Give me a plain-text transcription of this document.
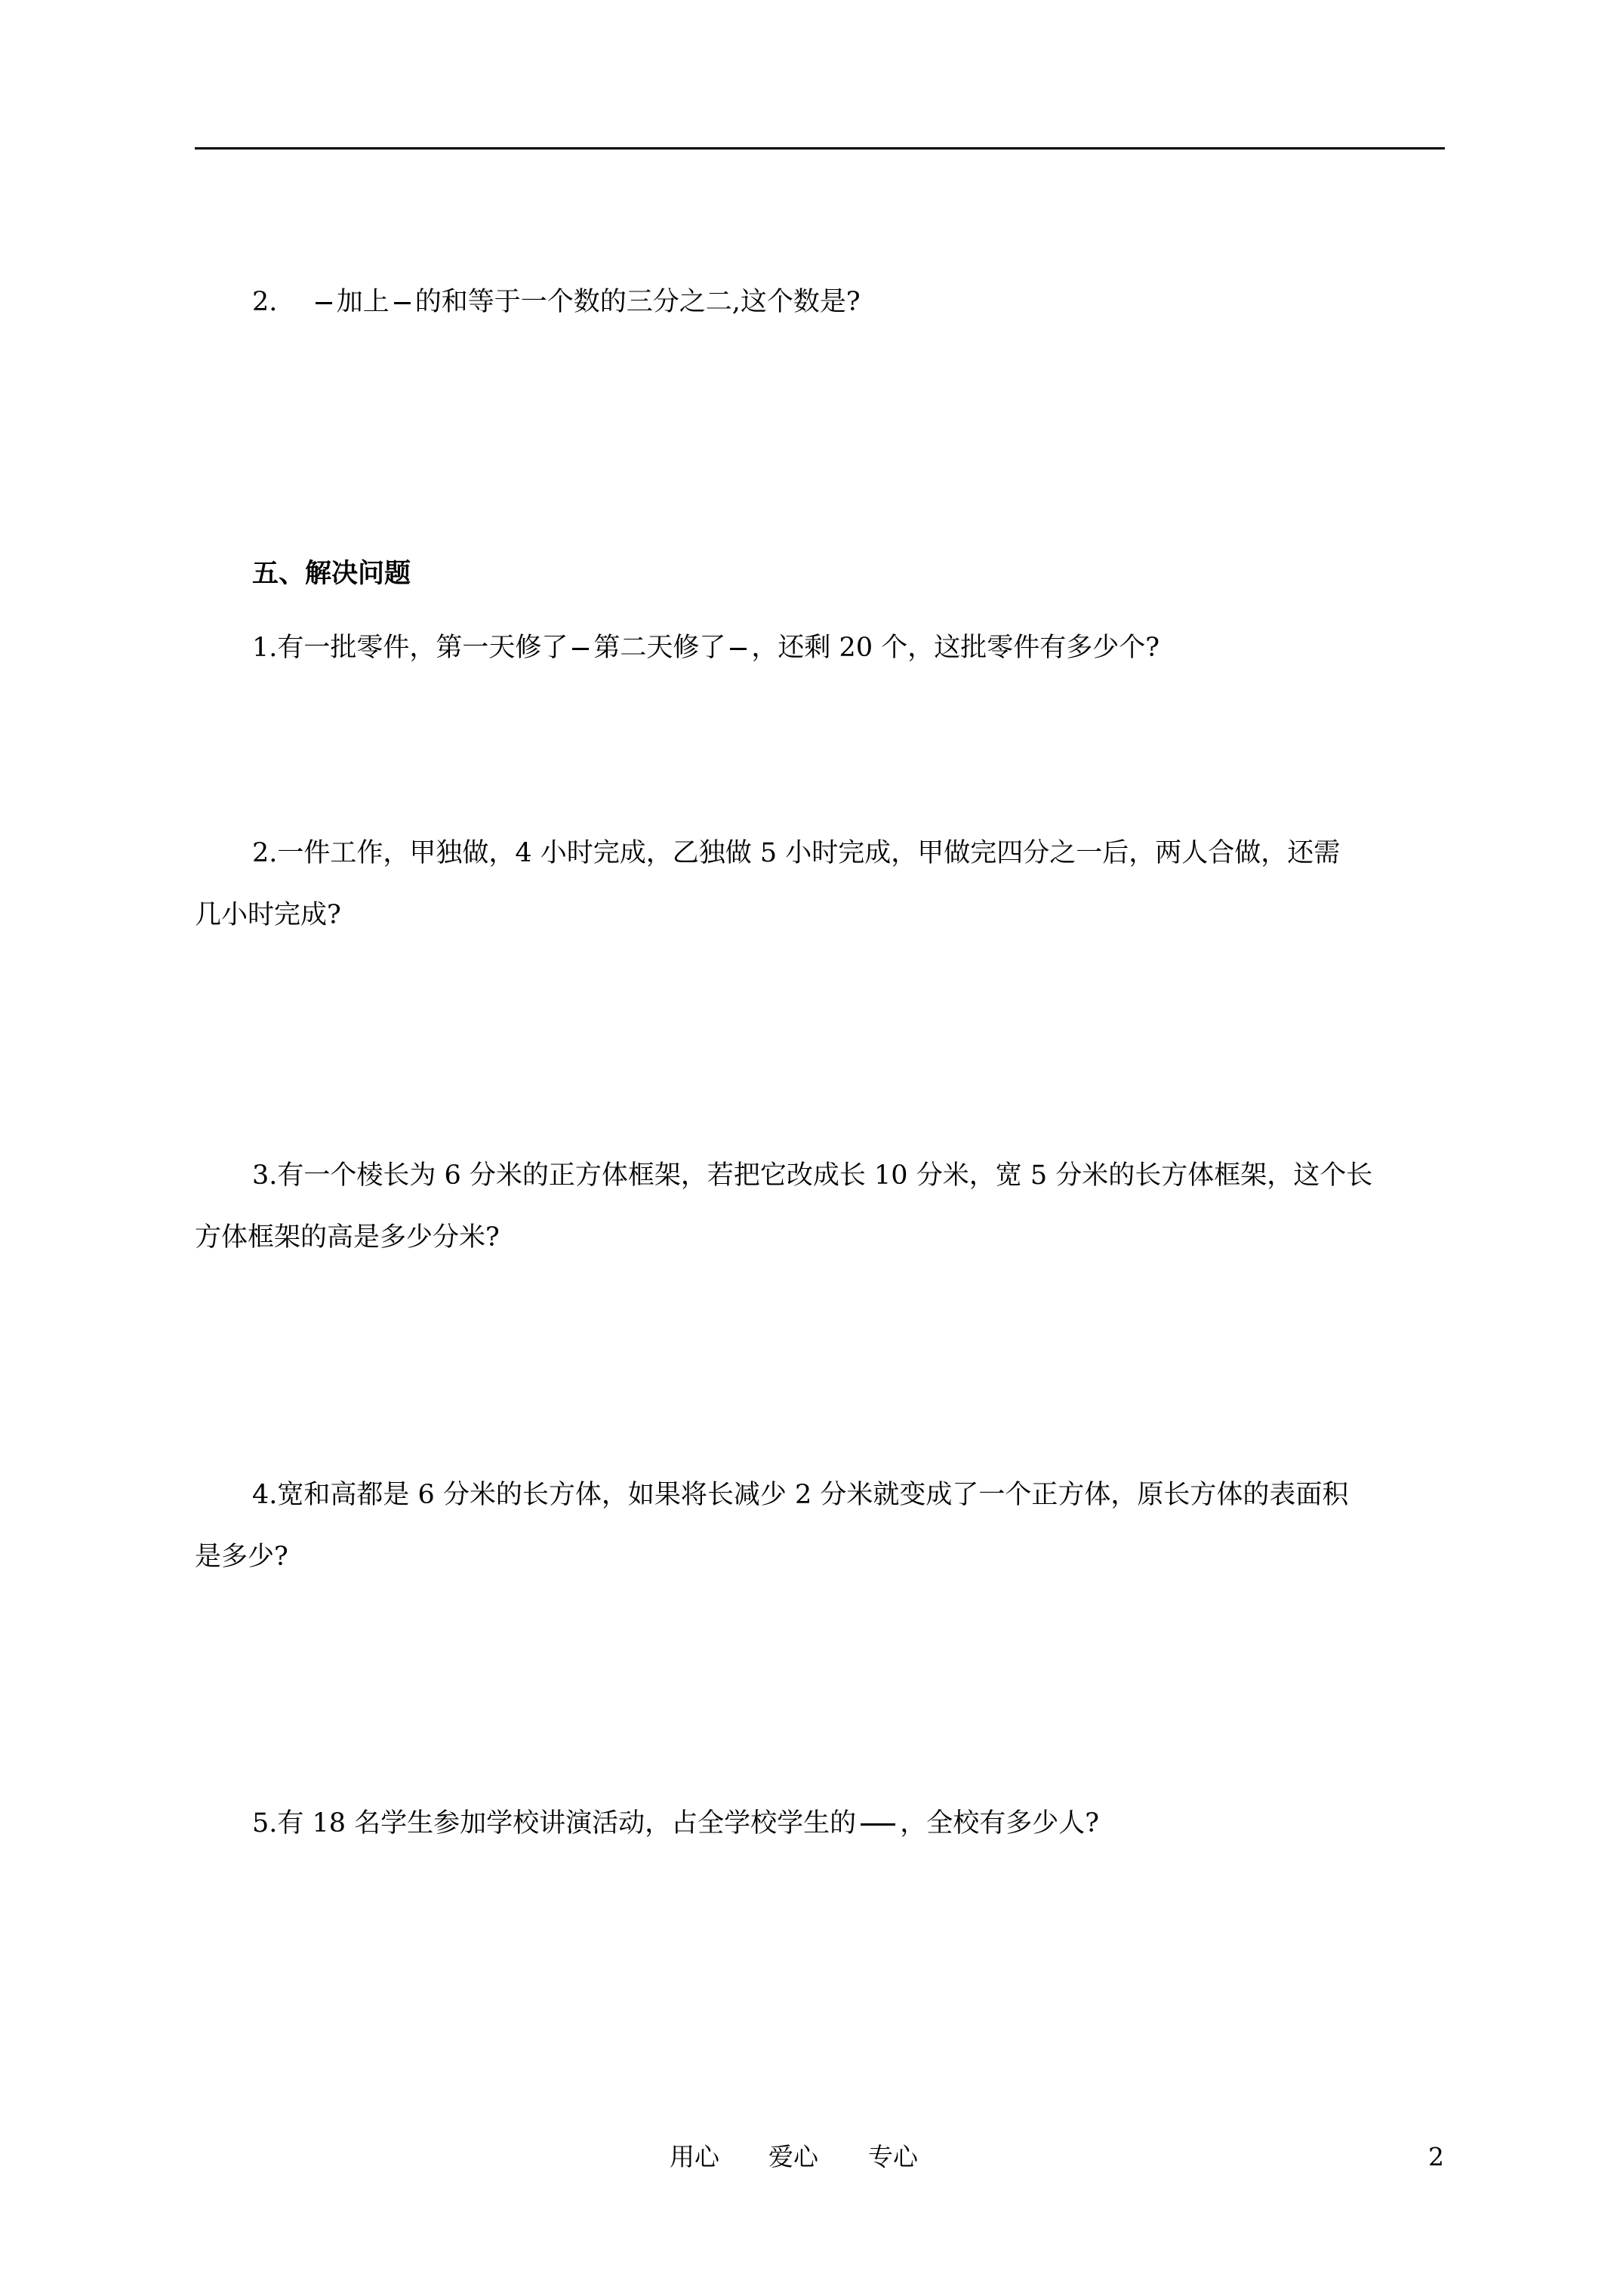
2. 加上 的和等于一个数的三分之二,这个数是?
五、解决问题
1.有一批零件，第一天修了 第二天修了 ，还剩 20 个，这批零件有多少个?
2.一件工作，甲独做，4 小时完成，乙独做 5 小时完成，甲做完四分之一后，两人合做，还需
几小时完成?
3.有一个棱长为 6 分米的正方体框架，若把它改成长 10 分米，宽 5 分米的长方体框架，这个长
方体框架的高是多少分米?
4.宽和高都是 6 分米的长方体，如果将长减少 2 分米就变成了一个正方体，原长方体的表面积
是多少?
5.有 18 名学生参加学校讲演活动，占全学校学生的 ，全校有多少人?
用心 爱心 专心	2
